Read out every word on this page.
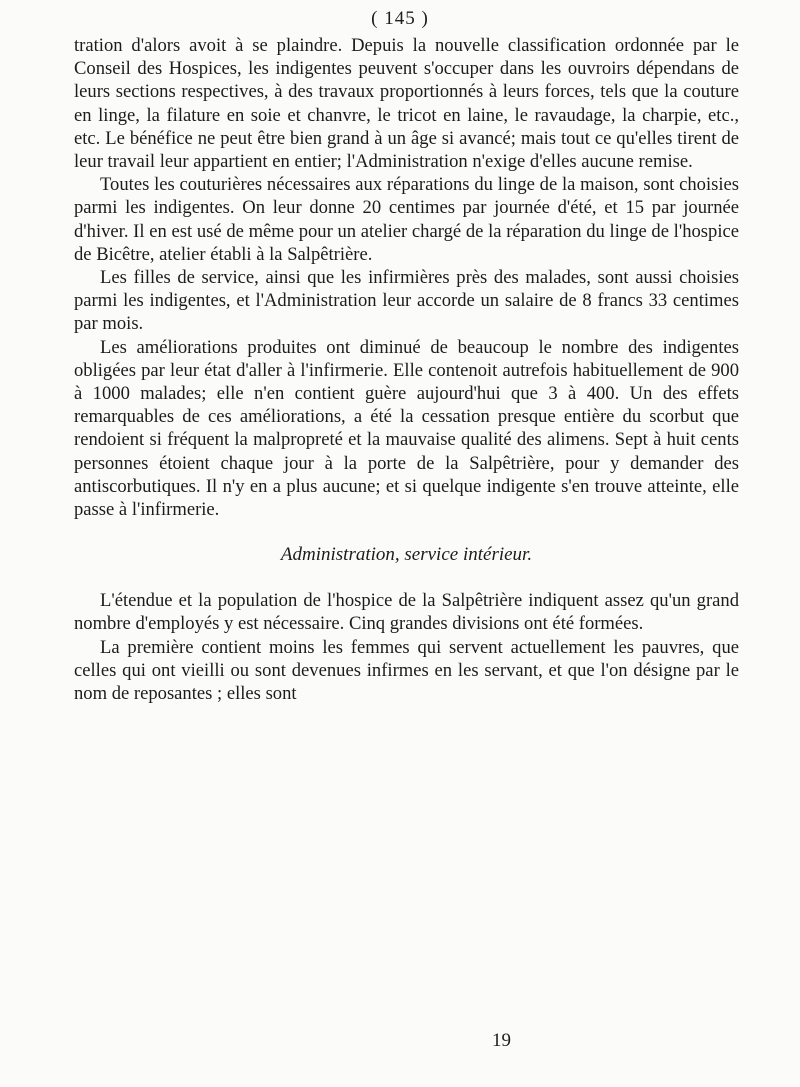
( 145 )

tration d'alors avoit à se plaindre. Depuis la nouvelle classification ordonnée par le Conseil des Hospices, les indigentes peuvent s'occuper dans les ouvroirs dépendans de leurs sections respectives, à des travaux proportionnés à leurs forces, tels que la couture en linge, la filature en soie et chanvre, le tricot en laine, le ravaudage, la charpie, etc., etc. Le bénéfice ne peut être bien grand à un âge si avancé; mais tout ce qu'elles tirent de leur travail leur appartient en entier; l'Administration n'exige d'elles aucune remise.

Toutes les couturières nécessaires aux réparations du linge de la maison, sont choisies parmi les indigentes. On leur donne 20 centimes par journée d'été, et 15 par journée d'hiver. Il en est usé de même pour un atelier chargé de la réparation du linge de l'hospice de Bicêtre, atelier établi à la Salpêtrière.

Les filles de service, ainsi que les infirmières près des malades, sont aussi choisies parmi les indigentes, et l'Administration leur accorde un salaire de 8 francs 33 centimes par mois.

Les améliorations produites ont diminué de beaucoup le nombre des indigentes obligées par leur état d'aller à l'infirmerie. Elle contenoit autrefois habituellement de 900 à 1000 malades; elle n'en contient guère aujourd'hui que 3 à 400. Un des effets remarquables de ces améliorations, a été la cessation presque entière du scorbut que rendoient si fréquent la malpropreté et la mauvaise qualité des alimens. Sept à huit cents personnes étoient chaque jour à la porte de la Salpêtrière, pour y demander des antiscorbutiques. Il n'y en a plus aucune; et si quelque indigente s'en trouve atteinte, elle passe à l'infirmerie.

Administration, service intérieur.

L'étendue et la population de l'hospice de la Salpêtrière indiquent assez qu'un grand nombre d'employés y est nécessaire. Cinq grandes divisions ont été formées.

La première contient moins les femmes qui servent actuellement les pauvres, que celles qui ont vieilli ou sont devenues infirmes en les servant, et que l'on désigne par le nom de reposantes ; elles sont

19
